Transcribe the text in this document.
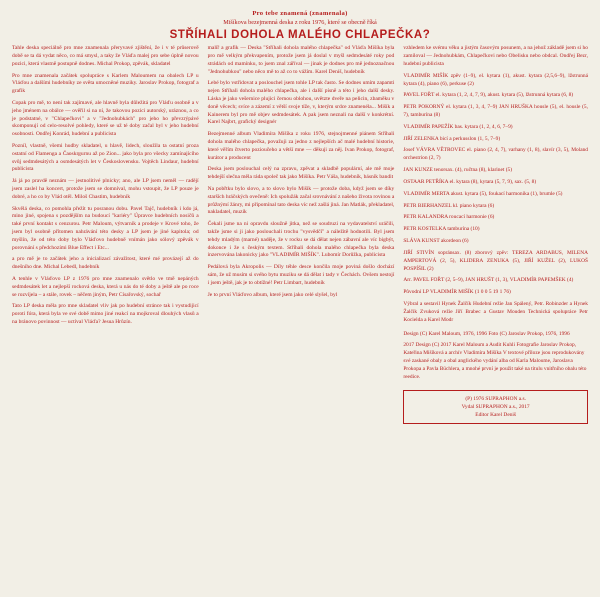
Pro tebe znamená (znamenala)
Mišíkova bezejmenná deska z roku 1976, které se obecně říká
STŘÍHALI DOHOLA MALÉHO CHLAPEČKA?

Tahle deska speciálně pro mne znamenala přeryvavé zjištění, že i v té průserově době se ta dá vydat něco, co má smysl, a taky že Vláďa malej pro sebe úplně novou pozici, která vlastně postupně dodnes. Michal Prokop, zpěvák, skladatel

Pro mne znamenala začátek spolupráce s Karlem Maloumem na obalech LP u Vláďou a dalšími hudebníky ze světa umocněné muziky. Jaroslav Prokop, fotograf a grafik

Copak pro mě, to není tak zajímavé, ale hlavně byla důležitá pro Vláďu osobně a v jeho jménem na obálce — ověřil si na ní, že takovou pozici autorský, uráznou, a co je podstatné, v "Chlapečkovi" a v "Jednohubkách" pro jeho ho převzrýpávé skomponují od celo-resolvé pohledy, které se už té doby začal byl v jeho hudební osobnosti. Ondřej Konrád, hudební a publicista

Pozníl, vlastně, všemi hudby skladatel, u hlavě, lidech, sloužila ta ostatní proza ostatní od Flamenga a Čaoskrgurnu až po Zion... jako byla pro všecky zamínajícího svůj sedmdesátých a osmdesátých let v Československu. Vojtěch Lindaur, hudební publicista

Já já po pravdě neznám — jestnolitivé plnicky; ano, ale LP jsem neměl — radějí jsem zaslel ha koncert, protože jsem se domníval, mohu vstoupit, že LP pouze je dobré, a ho co by Vlád otěl. Miloš Chastim, hudebník

Skvělá deska, co pomohla přežít tu posranou dobu. Pavel Tajč, hudebník i kdo já, mino jiné, spojena s pozdějším na budoucí "kariéry" Úpravce hudebních nosičů a také první kontakt s cenzurou. Petr Maloum, výtvarník a prodeje v Krové toho, že jsem byl osobně přítomen nahrávání této desky a LP jsem je jiné kapitola; od myšlín, že od této doby bylo Vláďovo hudebně vnímán jako sólový zpěvák v porovnání s předchozími Blue Effect i Etc...

a pro mě je to začátek jeho a inicializací závažitost, které mé provázejí až do dnešního dne. Michal Lebedl, hudebník

A tenhle v Vláďovo LP z 1976 pro mne znamenalo světlo ve tmě nepáných sedmdesátek let a nejlepší rocková deska, která u nás do té doby a ještě ale po roce se rozvíjela – a stále, rovek – něčem jiným, Petr Císařovský, sochař

Tato LP deska měla pro mne skladatel vliv jak po hudební stránce tak i vystudijicí poroti fóra, která byla ve své době mimo jiné reakcí na mojkroval dlouhých vlasů a na bránovo povinnost — uctíval Vláďa? Jesua Hrůzín.

malíř a grafik — Deska "Stříhali dohola malého chlapečka" od Vláďa Mišíka byla pro mě velkým překvapením, protože jsem já doslal v myšl sedmdesáté roky pod strádách od mamínku, to jsem znal záříval — jinak je dodnes pro mě jednoznačnou "Jednohubkou" nebo něco mě to až co to vážím. Karel Deniš, hudebník

Lebé bylo vstřidovat a poslouchel jsem tohle LP tak často. Se dodnes umím zapamti nejen Stříhali dohola malého chlapečka, ale i další písně a této i jeho další desky. Láska je jako vešernice plujici černou oblohou, uvětzte dveře na pelicin, zbaměku v doně věcech; svíce a zázemí z větší svoje tíže, v, kterým srdce znamenéla... Mišík a Kainerem byl pro mě objev sedmdesátek. A pak jsem neznali na další v konkrétní. Karel Najbrt, grafický designér

Bezejmenné album Vladimíra Mišíka z roku 1976, stejnojmenné piánem Stříhali dohola malého chlapečka, považuji za jedno z nejlepších ač malé hudební historie, které věřím čtverto pozioučeho a větší mne — děkuji za něj. Ivan Prokop, fotograf, kurátor a producent

Deska jsem poslouchal celý na zpravu, zpěvat a skladbě populární, ale mě moje tehdejší slečna měla ráda společ tak jako Mišíka. Petr Váša, hudebník, básník bandit

Na pobřtku bylo slovo, a to slovo bylo Mišík — protože doba, když jsem se díky starších hráčských ovečeně: Ich spolužák začal srovnávání z našeho života rovinou a průžnýmí žánry, mi připomínal tato deska víc než zašlá jiná. Jan Matlák, překladatel, nakladatel, muzik

Čekali jsme na ni opravdu sloužně jitka, než se soudruzi na vydavatelství uráčili, takže jsme si ji jako poslouchali trochu "vysvědčí" a náležitě hodnotili. Byl jsem tehdy mladým (marné) naděje, že v rocku se dá dělat nejen zábavní ale víc bigbýt, dokonce i že s českým textem. Stříhali dohola malého chlapečka byla deska inzervována lakonicky jako "VLADIMÍR MIŠÍK". Lubomír Dorůžka, publicista

Pedálová byla Akropolis — Díly téhle desce končila moje poviná došlo dochází sám, že už musím si svého bytu muziku se dá dělat i tady v Čechách. Ovšem nestojí i jsem ještě, jak je to obtížné! Petr Limbart, hudebník

Je to první Vláďovo album, které jsem jako celé slyšel, byl

vzhledem ke svému věku a jistým časovým posunem, a na jehož základě jsem si ho zamiloval — Jednohubkám, Chlapečkovi nebo Obelisku nebo obdcal. Ondřej Bezr, hudební publicista

VLADIMÍR MIŠÍK zpěv (1–9), el. kytara (1), akust. kytara (2,5,6–9), lžstrunná kytara (4), piano (6), perkuse (2)

PAVEL FOŘT el. kytara (1, 2, 4, 7, 9), akust. kytara (5), lžstrunná kytara (6, 8)

PETR POKORNÝ el. kytara (1, 3, 4, 7–9) JAN HRUŠKA housle (5), el. housle (5, 7), tamburína (8)

VLADIMÍR PAPEŽÍK bas. kytara (1, 2, 4, 6, 7–9)

JIŘÍ ZELENKA bicí a perkusslon (1, 5, 7–9)

Josef VÁVRA VĚTROVEC el. piano (2, 4, 7), varhany (1, 8), slavír (3, 5), Moland orchestrion (2, 7)

JAN KUNZE tenorsax. (4), ručtna (8), klarinet (5)

OSTAAR PETŘÍKA el. kytara (8), kytara (5, 7, 9), sax. (5, 8)

VLADIMÍR MERTA akust. kytara (5), foukací harmonika (1), brumle (5)

PETR BIERHANZEL kl. piano kytara (6)

PETR KALANDRA roucací harmonie (6)

PETR KOSTELKA tamburína (10)

SLÁVA KUNST akordeon (6)

JIŘÍ STIVÍN sopránsax. (8) zborový zpěv: TEREZA ARDABUS, MILENA AMPERTOVÁ (2, 5), KLIDERA ZENUKA (5), JIŘÍ KUŽEL (2), LUKOŠ POSPÍŠIL (2)

Arr. PAVEL FOŘT (2, 5–9), JAN HRUŠT (1, 3), VLADIMÍR PAPEMŠEK (4)

Původní LP VLADIMÍR MIŠÍK (1 0 0 5 19 1 76)

Výbral a sestavil Hynek Žalčík Hudební režie Jan Spálený, Petr. Robinzder a Hynek Žalčík Zvuková režie Jiří Brabec a Gustav Mouden Technická spolupráce Petr Kocielda a Karel Modr

Design (C) Karel Maloum, 1976, 1996 Foto (C) Jaroslav Prokop, 1976, 1996

2017 Design (C) 2017 Karel Maloum a Audit Kuhli Fotografie Jaroslav Prokop, Kateřina Mišíková a archív Vladimíra Mišíka V textové příloze jsou reprodukovány své zaskané obaly a obal anglického vydání alba od Karla Maloume, Jaroslava Prokopa a Pavla Büchlera, a mnohé první je použit také na titulu vnitřního obalu této reedice.

(P) 1976 SUPRAPHON a.s.
Vydal SUPRAPHON a.s., 2017
Editor Karel Deniš
